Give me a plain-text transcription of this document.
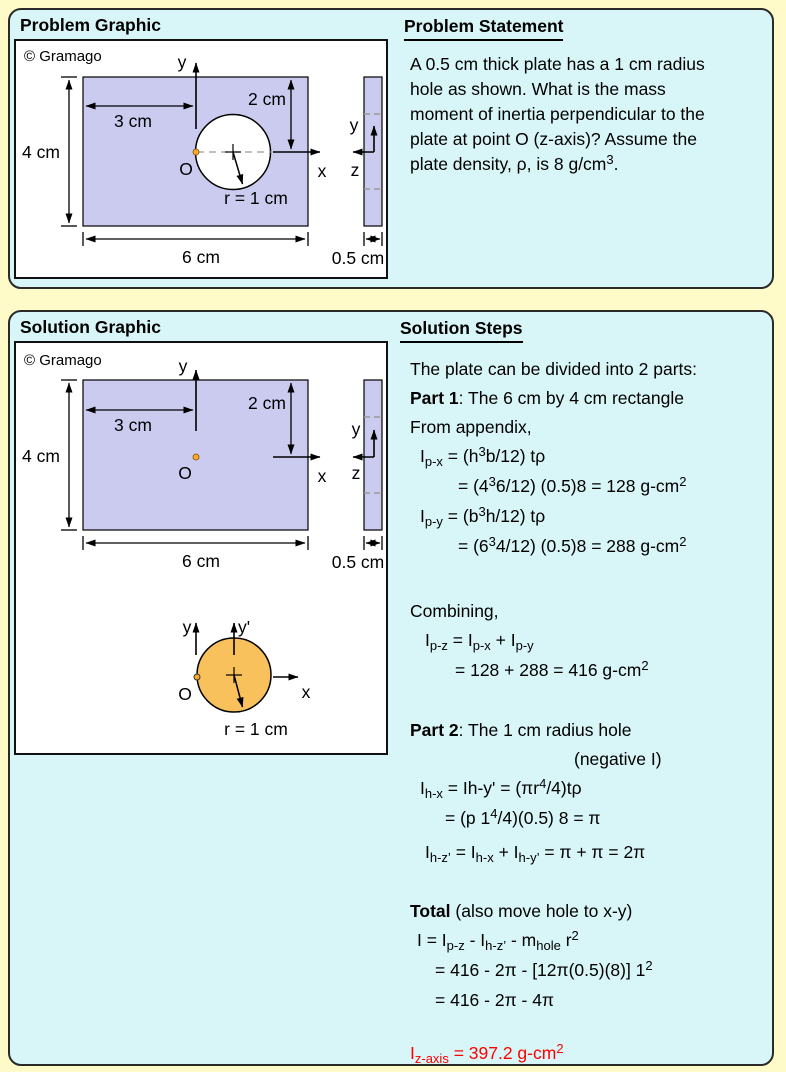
Problem Graphic
© Gramago	y
x
O
r = 1 cm
3 cm
4 cm
2 cm
6 cm	0.5 cm
y
z
Problem Statement
A 0.5 cm thick plate has a 1 cm radius
hole as shown. What is the mass
moment of inertia perpendicular to the
plate at point O (z-axis)? Assume the
plate density, ρ, is 8 $g/cm^3$.
Solution Graphic
© Gramago	y
x
O
3 cm
4 cm
2 cm
6 cm	0.5 cm
y
z
y	y'
O	x
r = 1 cm
Solution Steps
The plate can be divided into 2 parts:
Part 1: The 6 cm by 4 cm rectangle
From appendix,
$I_{p-x} = (h^3b/12)$ tρ
= $(4^36/12) (0.5)8 = 128$ $g-cm^2$
$I_{p-y} = (b^3h/12)$ tρ
= $(6^34/12) (0.5)8 = 288$ $g-cm^2$
Combining,
$I_{p-z} = I_{p-x} + I_{p-y}$
= 128 + 288 = 416 $g-cm^2$
Part 2: The 1 cm radius hole
(negative I)
$I_{h-x} = Ih-y' = (\pi r^4/4)t\rho$
= (p $1^4/4)(0.5)$ 8 = π
$I_{h-z’} = I_{h-x} + I_{h-y’} = \pi + \pi = 2\pi$
Total (also move hole to x-y)
$I = I_{p-z} - I_{h-z’} - m_{hole}$ $r^2$
= 416 - 2π - [12π(0.5)(8)] $1^2$
= 416 - 2π - 4π
$I_{z-axis} = 397.2$ $g-cm^2$
